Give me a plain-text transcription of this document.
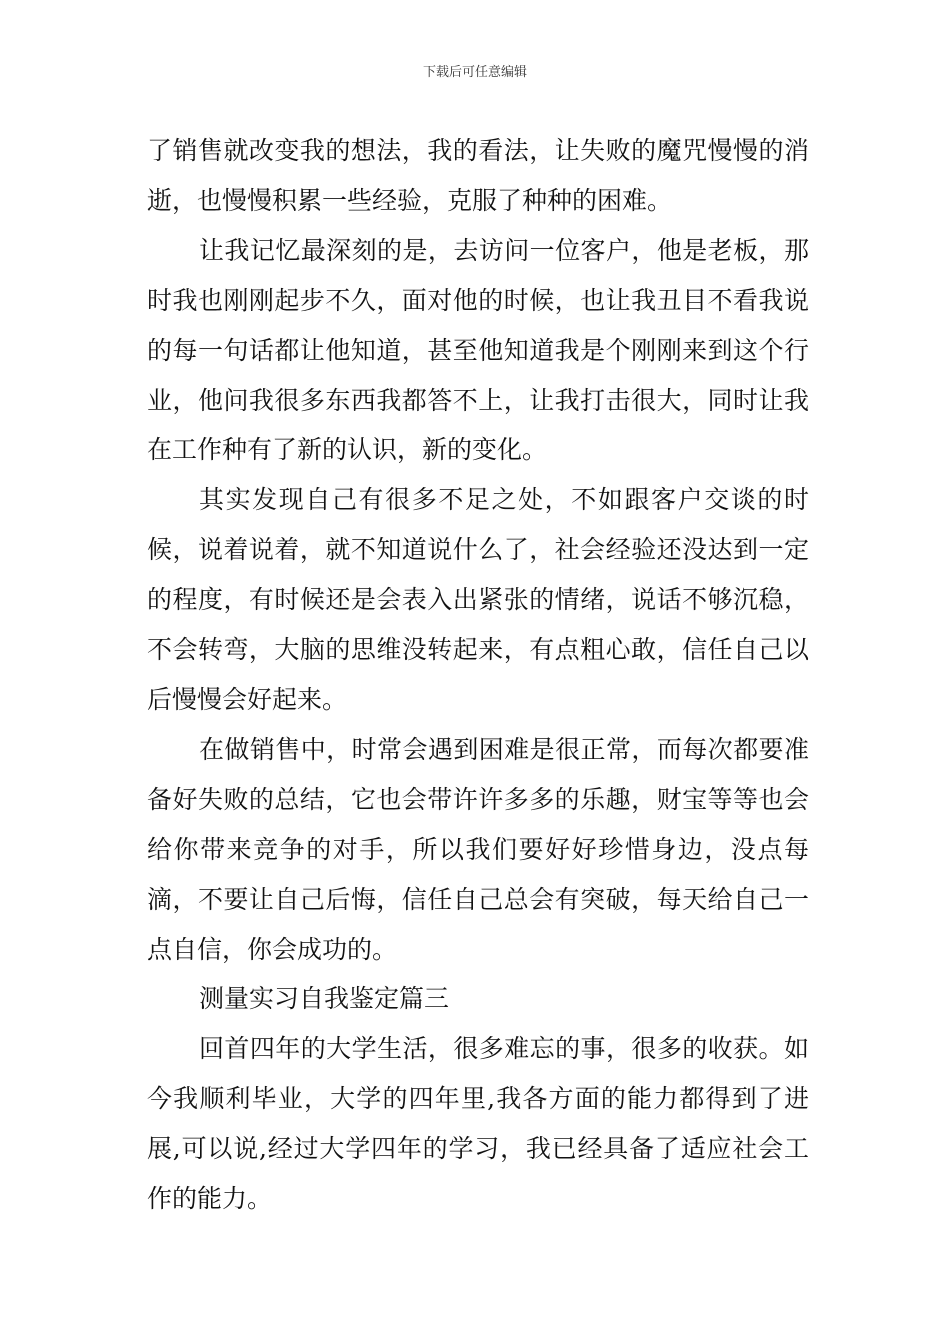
下载后可任意编辑

了销售就改变我的想法，我的看法，让失败的魔咒慢慢的消逝，也慢慢积累一些经验，克服了种种的困难。

让我记忆最深刻的是，去访问一位客户，他是老板，那时我也刚刚起步不久，面对他的时候，也让我丑目不看我说的每一句话都让他知道，甚至他知道我是个刚刚来到这个行业，他问我很多东西我都答不上，让我打击很大，同时让我在工作种有了新的认识，新的变化。

其实发现自己有很多不足之处，不如跟客户交谈的时候，说着说着，就不知道说什么了，社会经验还没达到一定的程度，有时候还是会表入出紧张的情绪，说话不够沉稳，不会转弯，大脑的思维没转起来，有点粗心敢，信任自己以后慢慢会好起来。

在做销售中，时常会遇到困难是很正常，而每次都要准备好失败的总结，它也会带许许多多的乐趣，财宝等等也会给你带来竞争的对手，所以我们要好好珍惜身边，没点每滴，不要让自己后悔，信任自己总会有突破，每天给自己一点自信，你会成功的。

测量实习自我鉴定篇三

回首四年的大学生活，很多难忘的事，很多的收获。如今我顺利毕业，大学的四年里,我各方面的能力都得到了进展,可以说,经过大学四年的学习，我已经具备了适应社会工作的能力。
